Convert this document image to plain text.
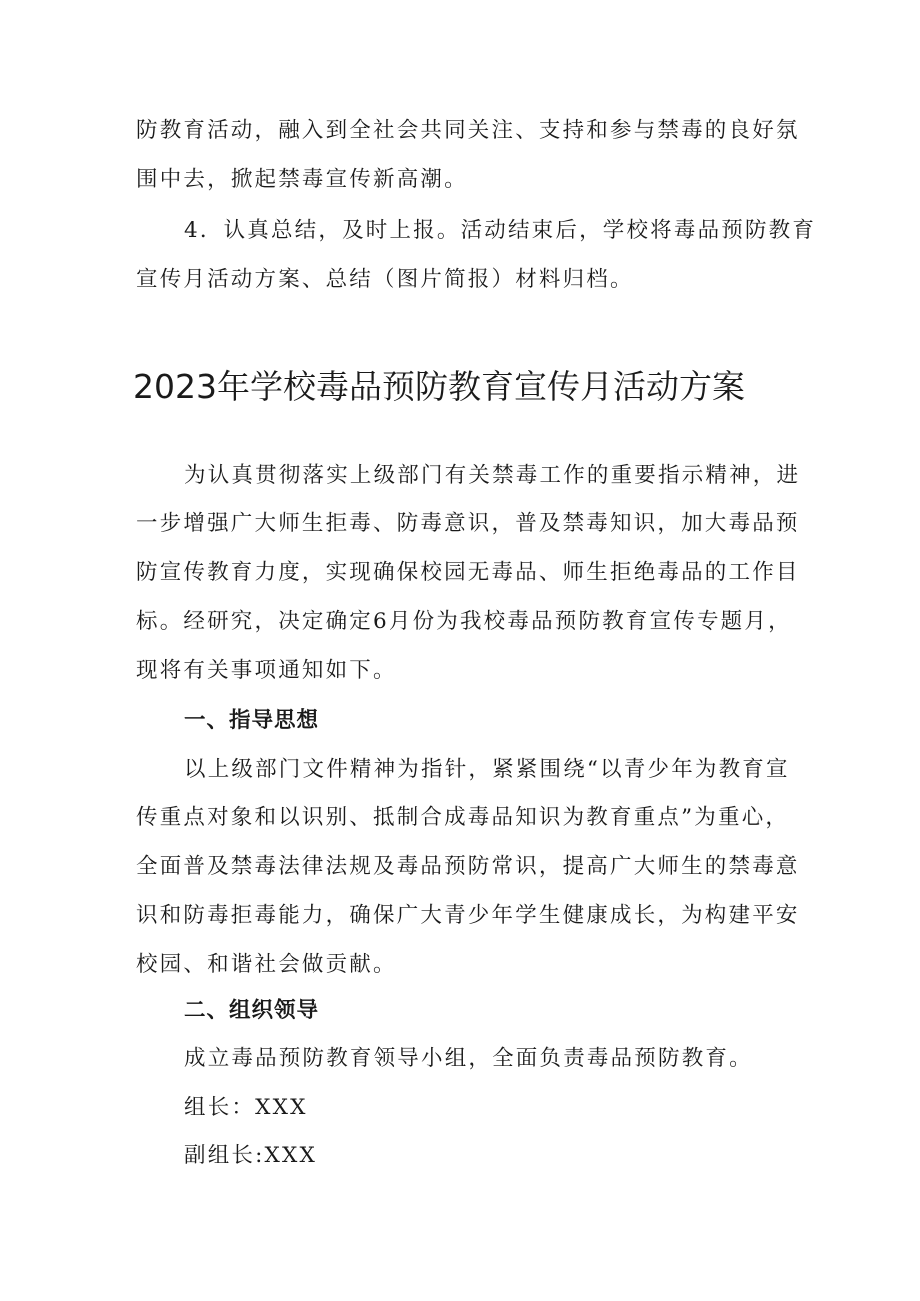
防教育活动，融入到全社会共同关注、支持和参与禁毒的良好氛
围中去，掀起禁毒宣传新高潮。
4．认真总结，及时上报。活动结束后，学校将毒品预防教育
宣传月活动方案、总结（图片简报）材料归档。
2023年学校毒品预防教育宣传月活动方案
为认真贯彻落实上级部门有关禁毒工作的重要指示精神，进
一步增强广大师生拒毒、防毒意识，普及禁毒知识，加大毒品预
防宣传教育力度，实现确保校园无毒品、师生拒绝毒品的工作目
标。经研究，决定确定6月份为我校毒品预防教育宣传专题月，
现将有关事项通知如下。
一、指导思想
以上级部门文件精神为指针，紧紧围绕“以青少年为教育宣
传重点对象和以识别、抵制合成毒品知识为教育重点”为重心，
全面普及禁毒法律法规及毒品预防常识，提高广大师生的禁毒意
识和防毒拒毒能力，确保广大青少年学生健康成长，为构建平安
校园、和谐社会做贡献。
二、组织领导
成立毒品预防教育领导小组，全面负责毒品预防教育。
组长：XXX
副组长:XXX
